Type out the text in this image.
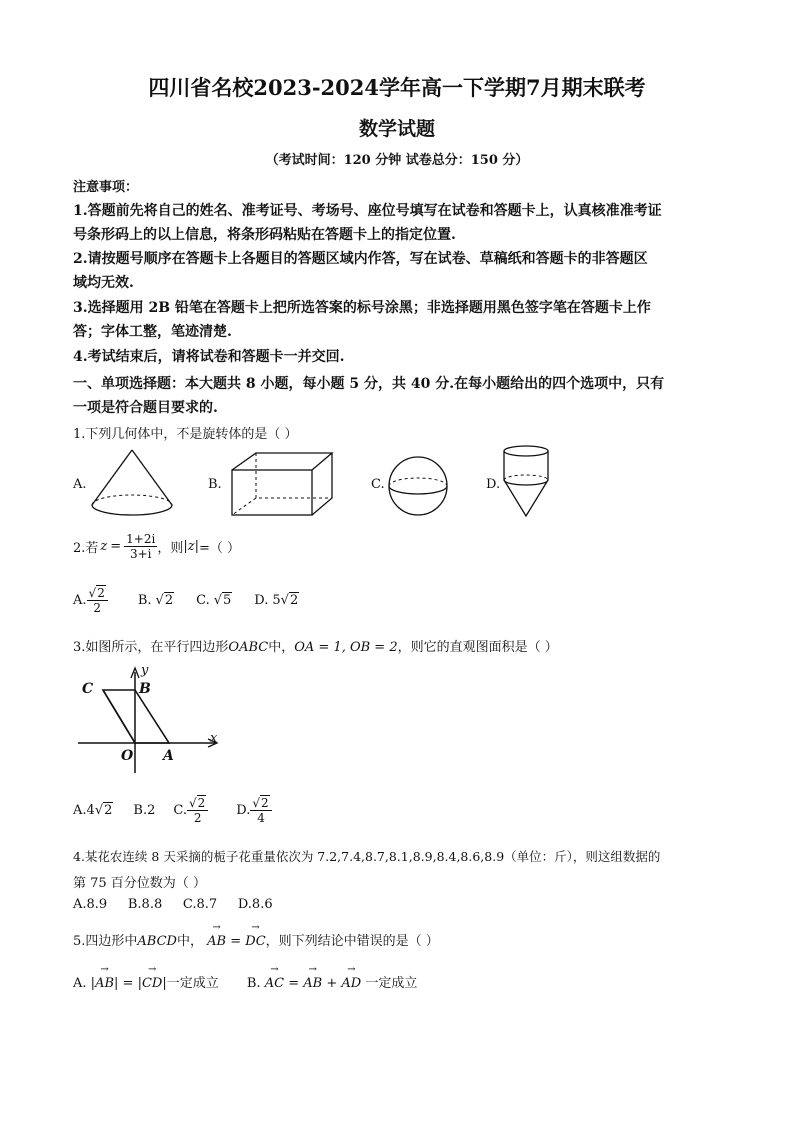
四川省名校2023-2024学年高一下学期7月期末联考
数学试题
（考试时间：120 分钟 试卷总分：150 分）
注意事项：
1.答题前先将自己的姓名、准考证号、考场号、座位号填写在试卷和答题卡上，认真核准准考证
号条形码上的以上信息，将条形码粘贴在答题卡上的指定位置.
2.请按题号顺序在答题卡上各题目的答题区域内作答，写在试卷、草稿纸和答题卡的非答题区
域均无效.
3.选择题用 2B 铅笔在答题卡上把所选答案的标号涂黑；非选择题用黑色签字笔在答题卡上作
答；字体工整，笔迹清楚.
4.考试结束后，请将试卷和答题卡一并交回.
一、单项选择题：本大题共 8 小题，每小题 5 分，共 40 分.在每小题给出的四个选项中，只有
一项是符合题目要求的.
1.下列几何体中，不是旋转体的是（ ）
A.	B.	C.	D.
2.若 $z = \frac{1+2i}{3+i}$ ，则 |z| =（ ）
A. $\frac{√2}{2} B$. √2 C. √5 D. 5 √2
3.如图所示，在平行四边形OABC中，OA = 1, OB = 2，则它的直观图面积是（ ）
C	B
O A
x
y
A. 4 √2 B.2 C. $\frac{√2}{2} D$. $\frac{√2}{4}$
4.某花农连续 8 天采摘的栀子花重量依次为 7.2,7.4,8.7,8.1,8.9,8.4,8.6,8.9（单位：斤），则这组数据的
第 75 百分位数为（ ）
A.8.9     B.8.8     C.8.7     D.8.6
5.四边形中ABCD中， → AB = → DC，则下列结论中错误的是（ ）
A. |→ AB| = |→ CD|一定成立 B. → AC = → AB + → AD 一定成立
